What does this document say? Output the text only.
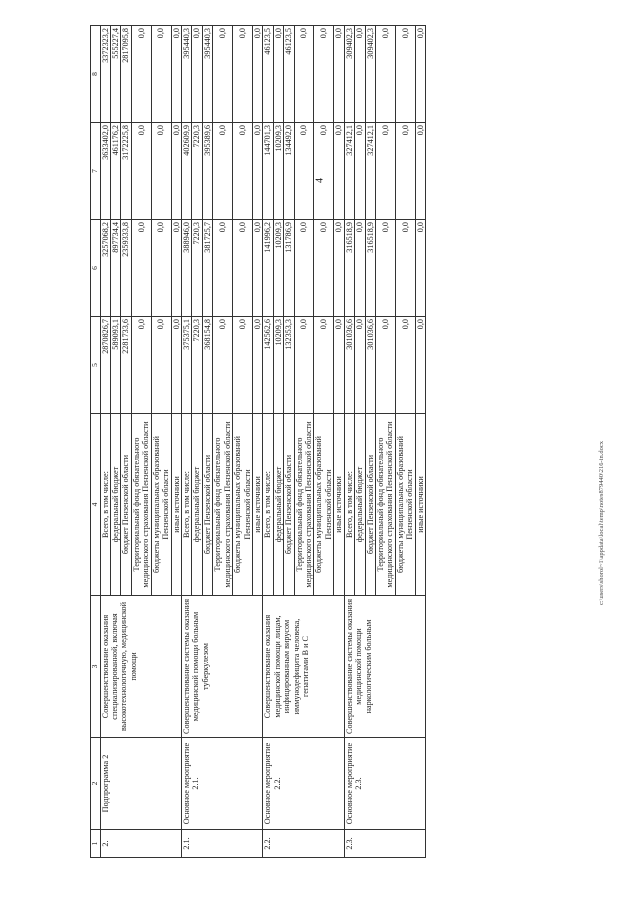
4
1	2	3	4	5	6	7	8
2.	Подпрограмма 2	Совершенствование оказания специализированной, включая высокотехнологичную, медицинской помощи	Всего, в том числе:	2870826,7	3257068,2	3633402,0	3372323,2
			федеральный бюджет	589093,1	897734,4	461176,2	555227,4
			бюджет Пензенской области	2281733,6	2359333,8	3172225,8	2817095,8
			Территориальный фонд обязательного медицинского страхования Пензенской области	0,0	0,0	0,0	0,0
			бюджеты муниципальных образований Пензенской области	0,0	0,0	0,0	0,0
			иные источники	0,0	0,0	0,0	0,0
2.1.	Основное мероприятие 2.1.	Совершенствование системы оказания медицинской помощи больным туберкулезом	Всего, в том числе:	375375,1	388946,0	402609,9	395440,3
			федеральный бюджет	7220,3	7220,3	7220,3	0,0
			бюджет Пензенской области	368154,8	381725,7	395389,6	395440,3
			Территориальный фонд обязательного медицинского страхования Пензенской области	0,0	0,0	0,0	0,0
			бюджеты муниципальных образований Пензенской области	0,0	0,0	0,0	0,0
			иные источники	0,0	0,0	0,0	0,0
2.2.	Основное мероприятие 2.2.	Совершенствование оказания медицинской помощи лицам, инфицированным вирусом иммунодефицита человека, гепатитами В и С	Всего, в том числе:	142562,6	141996,2	144701,3	46123,5
			федеральный бюджет	10209,3	10209,3	10209,3	0,0
			бюджет Пензенской области	132353,3	131786,9	134492,0	46123,5
			Территориальный фонд обязательного медицинского страхования Пензенской области	0,0	0,0	0,0	0,0
			бюджеты муниципальных образований Пензенской области	0,0	0,0	0,0	0,0
			иные источники	0,0	0,0	0,0	0,0
2.3.	Основное мероприятие 2.3.	Совершенствование системы оказания медицинской помощи наркологическим больным	Всего, в том числе:	301036,6	316518,9	327412,1	309402,3
			федеральный бюджет	0,0	0,0	0,0	0,0
			бюджет Пензенской области	301036,6	316518,9	327412,1	309402,3
			Территориальный фонд обязательного медицинского страхования Пензенской области	0,0	0,0	0,0	0,0
			бюджеты муниципальных образований Пензенской области	0,0	0,0	0,0	0,0
			иные источники	0,0	0,0	0,0	0,0
c:\users\shorol~1\appdata\local\temp\notes879440\216-in.docx
